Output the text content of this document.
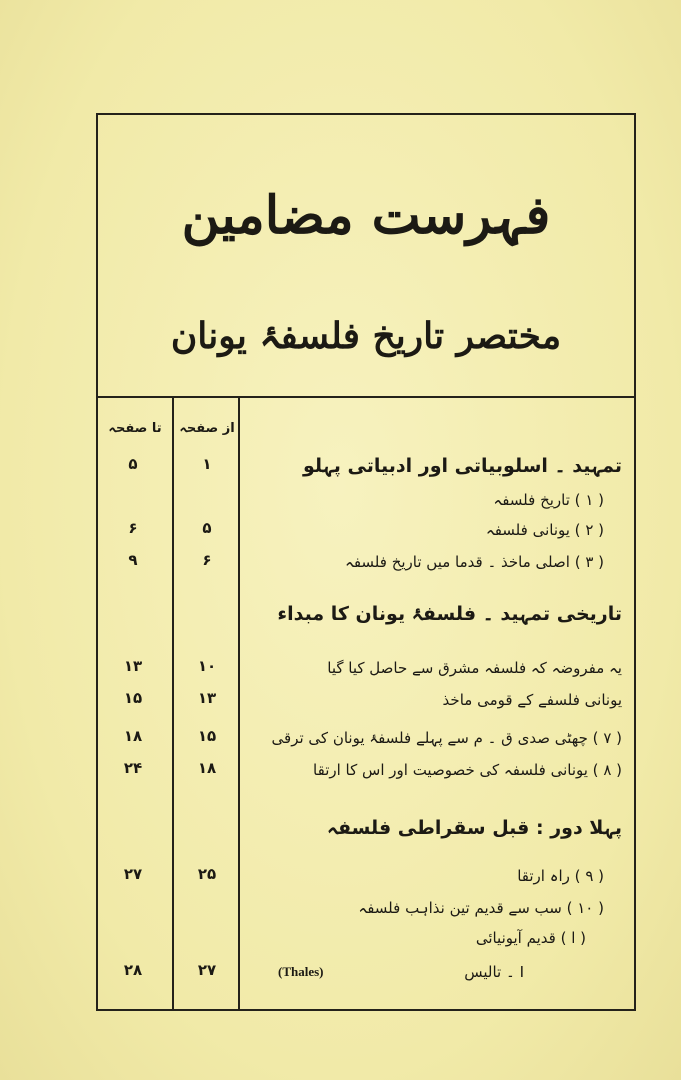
فہرست مضامین
مختصر تاریخ فلسفۂ یونان
تا صفحہ	از صفحہ
تمہید ۔ اسلوبیاتی اور ادبیاتی پہلو
۱
۵
( ۱ ) تاریخ فلسفہ
( ۲ ) یونانی فلسفہ
۵
۶
( ۳ ) اصلی ماخذ ۔ قدما میں تاریخ فلسفہ
۶
۹
تاریخی تمہید ۔ فلسفۂ یونان کا مبداء
یہ مفروضہ کہ فلسفہ مشرق سے حاصل کیا گیا
۱۰
۱۳
یونانی فلسفے کے قومی ماخذ
۱۳
۱۵
( ۷ ) چھٹی صدی ق ۔ م سے پہلے فلسفۂ یونان کی ترقی
۱۵
۱۸
( ۸ ) یونانی فلسفہ کی خصوصیت اور اس کا ارتقا
۱۸
۲۴
پہلا دور : قبل سقراطی فلسفہ
( ۹ ) راہ ارتقا
۲۵
۲۷
( ۱۰ ) سب سے قدیم تین نذاہب فلسفہ
( ا ) قدیم آیونیائی
I ۔ تالیس
(Thales)
۲۷
۲۸
